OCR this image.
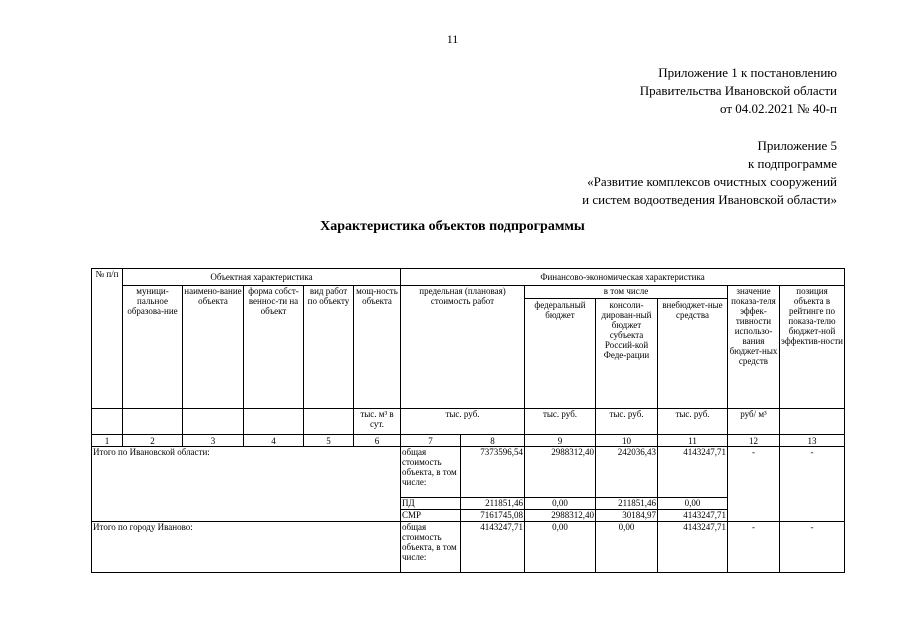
11
Приложение 1 к постановлению
Правительства Ивановской области
от 04.02.2021 № 40-п
Приложение 5
к подпрограмме
«Развитие комплексов очистных сооружений
и систем водоотведения Ивановской области»
Характеристика объектов подпрограммы
№ п/п	Объектная характеристика					Финансово-экономическая характеристика						
	муници-пальное образова-ние	наимено-вание объекта	форма собст-веннос-ти на объект	вид работ по объекту	мощ-ность объекта	предельная (плановая) стоимость работ		в том числе			значение показа-теля эффек-тивности использо-вания бюджет-ных средств	позиция объекта в рейтинге по показа-телю бюджет-ной эффектив-ности
								федеральный бюджет	консоли-дирован-ный бюджет субъекта Россий-кой Феде-рации	внебюджет-ные средства		
					тыс. м³ в сут.	тыс. руб.		тыс. руб.	тыс. руб.	тыс. руб.	руб/ м³	
1	2	3	4	5	6	7	8	9	10	11	12	13
Итого по Ивановской области:						общая стоимость объекта, в том числе:	7373596,54	2988312,40	242036,43	4143247,71	-	-
						ПД	211851,46	0,00	211851,46	0,00		
						СМР	7161745,08	2988312,40	30184,97	4143247,71		
Итого по городу Иваново:						общая стоимость объекта, в том числе:	4143247,71	0,00	0,00	4143247,71	-	-
